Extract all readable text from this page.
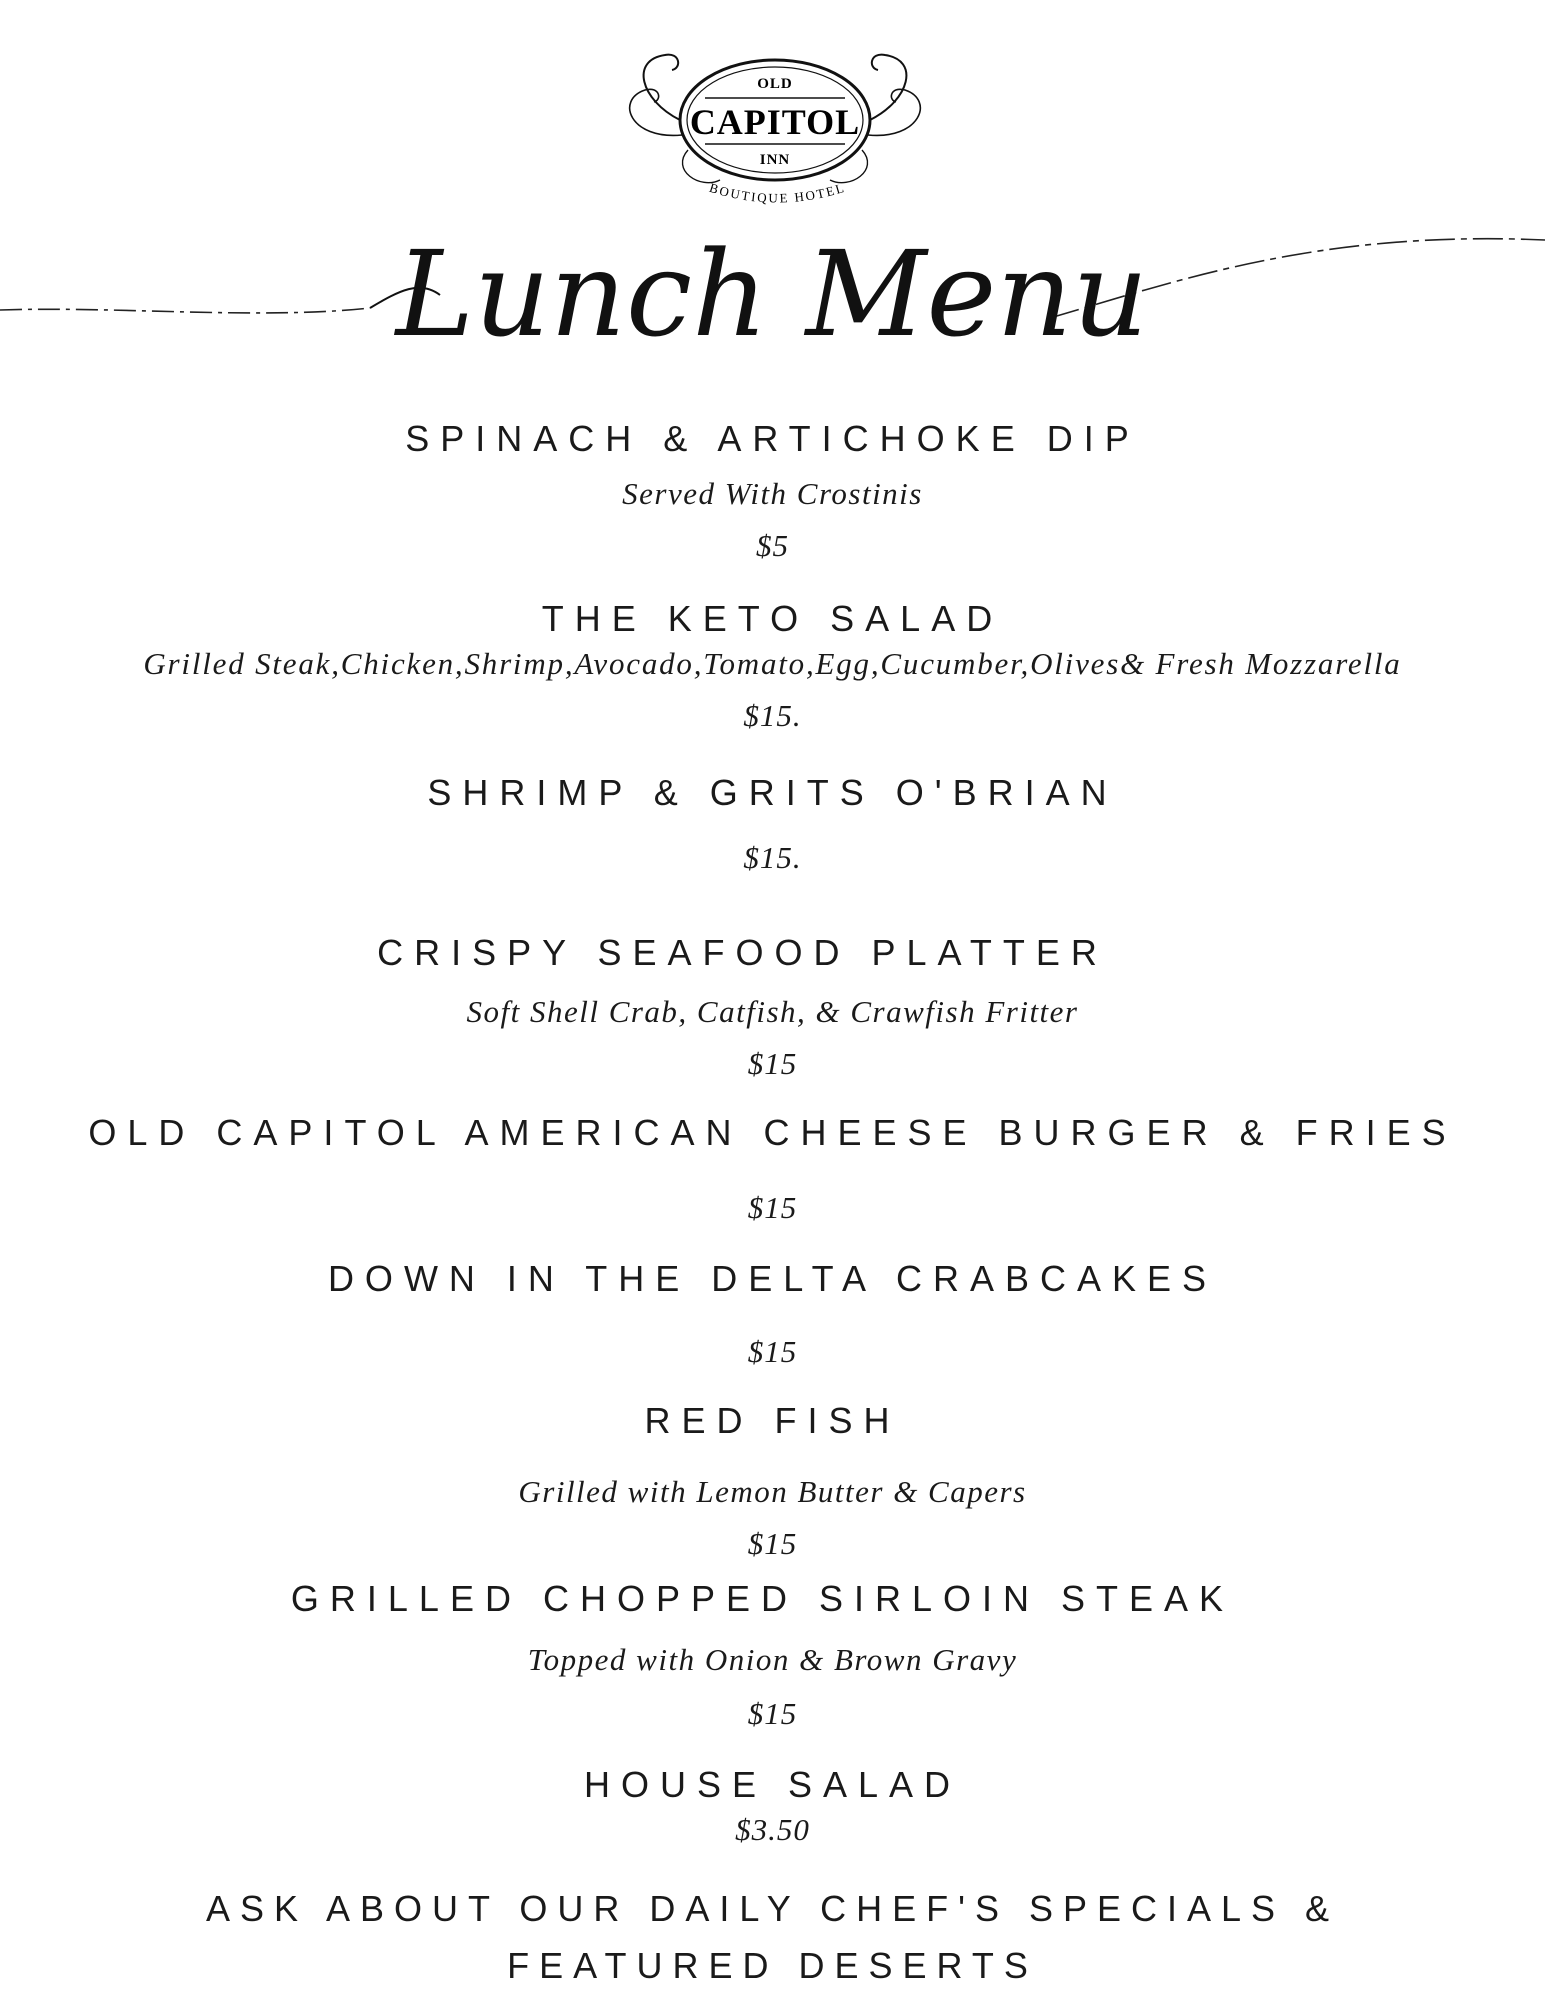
OLD
CAPITOL
INN
BOUTIQUE HOTEL
Lunch Menu
SPINACH & ARTICHOKE DIP
Served With Crostinis
$5
THE KETO SALAD
Grilled Steak,Chicken,Shrimp,Avocado,Tomato,Egg,Cucumber,Olives& Fresh Mozzarella
$15.
SHRIMP & GRITS O'BRIAN
$15.
CRISPY SEAFOOD PLATTER
Soft Shell Crab, Catfish, & Crawfish Fritter
$15
OLD CAPITOL AMERICAN CHEESE BURGER & FRIES
$15
DOWN IN THE DELTA CRABCAKES
$15
RED FISH
Grilled with Lemon Butter & Capers
$15
GRILLED CHOPPED SIRLOIN STEAK
Topped with Onion & Brown Gravy
$15
HOUSE SALAD
$3.50
ASK ABOUT OUR DAILY CHEF'S SPECIALS &
FEATURED DESERTS
